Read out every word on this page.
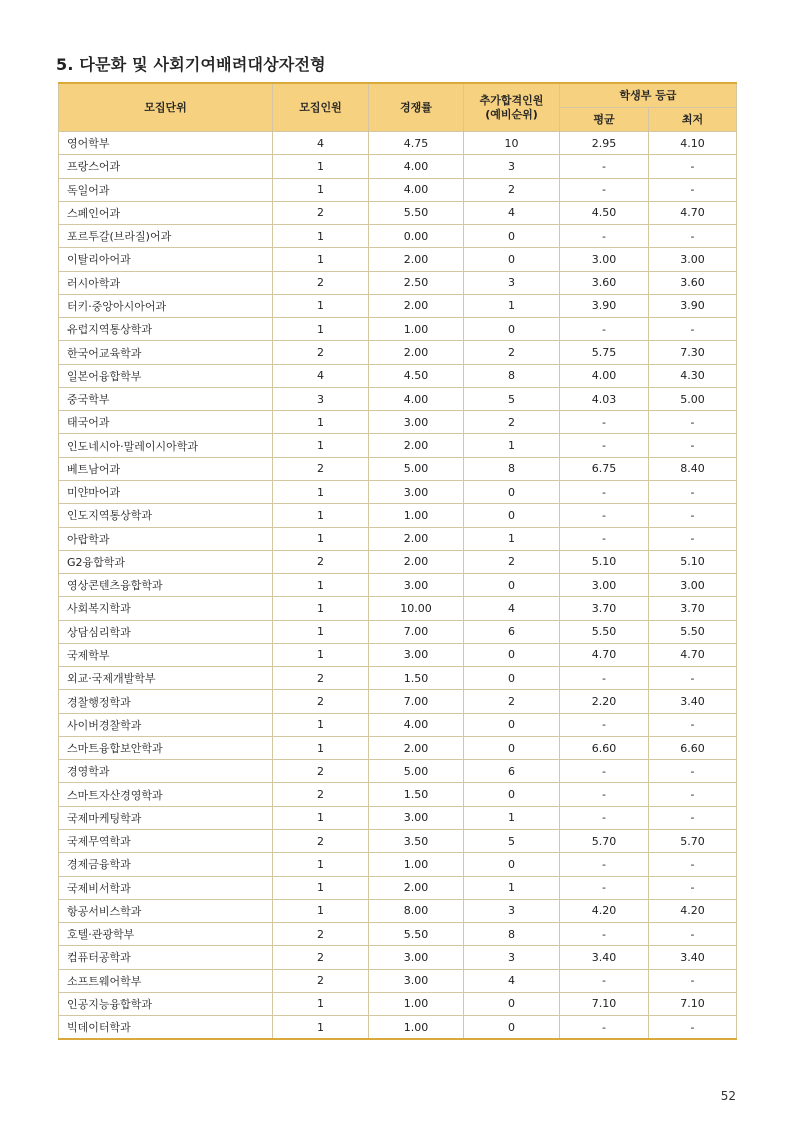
5. 다문화 및 사회기여배려대상자전형
모집단위	모집인원	경쟁률	추가합격인원
(예비순위)	학생부 등급	
				평균	최저
영어학부	4	4.75	10	2.95	4.10
프랑스어과	1	4.00	3	-	-
독일어과	1	4.00	2	-	-
스페인어과	2	5.50	4	4.50	4.70
포르투갈(브라질)어과	1	0.00	0	-	-
이탈리아어과	1	2.00	0	3.00	3.00
러시아학과	2	2.50	3	3.60	3.60
터키·중앙아시아어과	1	2.00	1	3.90	3.90
유럽지역통상학과	1	1.00	0	-	-
한국어교육학과	2	2.00	2	5.75	7.30
일본어융합학부	4	4.50	8	4.00	4.30
중국학부	3	4.00	5	4.03	5.00
태국어과	1	3.00	2	-	-
인도네시아·말레이시아학과	1	2.00	1	-	-
베트남어과	2	5.00	8	6.75	8.40
미얀마어과	1	3.00	0	-	-
인도지역통상학과	1	1.00	0	-	-
아랍학과	1	2.00	1	-	-
G2융합학과	2	2.00	2	5.10	5.10
영상콘텐츠융합학과	1	3.00	0	3.00	3.00
사회복지학과	1	10.00	4	3.70	3.70
상담심리학과	1	7.00	6	5.50	5.50
국제학부	1	3.00	0	4.70	4.70
외교·국제개발학부	2	1.50	0	-	-
경찰행정학과	2	7.00	2	2.20	3.40
사이버경찰학과	1	4.00	0	-	-
스마트융합보안학과	1	2.00	0	6.60	6.60
경영학과	2	5.00	6	-	-
스마트자산경영학과	2	1.50	0	-	-
국제마케팅학과	1	3.00	1	-	-
국제무역학과	2	3.50	5	5.70	5.70
경제금융학과	1	1.00	0	-	-
국제비서학과	1	2.00	1	-	-
항공서비스학과	1	8.00	3	4.20	4.20
호텔·관광학부	2	5.50	8	-	-
컴퓨터공학과	2	3.00	3	3.40	3.40
소프트웨어학부	2	3.00	4	-	-
인공지능융합학과	1	1.00	0	7.10	7.10
빅데이터학과	1	1.00	0	-	-
52
